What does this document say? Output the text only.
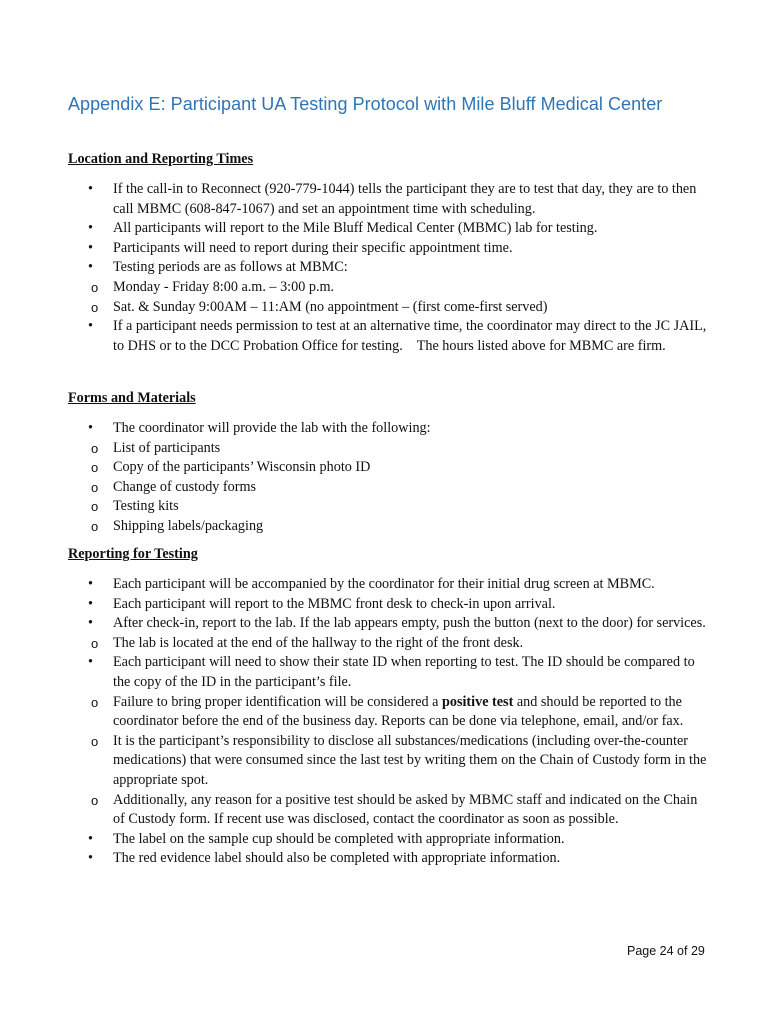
Appendix E: Participant UA Testing Protocol with Mile Bluff Medical Center

Location and Reporting Times

• If the call-in to Reconnect (920-779-1044) tells the participant they are to test that day, they are to then call MBMC (608-847-1067) and set an appointment time with scheduling.
• All participants will report to the Mile Bluff Medical Center (MBMC) lab for testing.
• Participants will need to report during their specific appointment time.
• Testing periods are as follows at MBMC:
o Monday - Friday 8:00 a.m. – 3:00 p.m.
o Sat. & Sunday 9:00AM – 11:AM (no appointment – (first come-first served)
• If a participant needs permission to test at an alternative time, the coordinator may direct to the JC JAIL, to DHS or to the DCC Probation Office for testing.    The hours listed above for MBMC are firm.

Forms and Materials

• The coordinator will provide the lab with the following:
o List of participants
o Copy of the participants’ Wisconsin photo ID
o Change of custody forms
o Testing kits
o Shipping labels/packaging

Reporting for Testing

• Each participant will be accompanied by the coordinator for their initial drug screen at MBMC.
• Each participant will report to the MBMC front desk to check-in upon arrival.
• After check-in, report to the lab. If the lab appears empty, push the button (next to the door) for services.
o The lab is located at the end of the hallway to the right of the front desk.
• Each participant will need to show their state ID when reporting to test. The ID should be compared to the copy of the ID in the participant’s file.
o Failure to bring proper identification will be considered a positive test and should be reported to the coordinator before the end of the business day. Reports can be done via telephone, email, and/or fax.
o It is the participant’s responsibility to disclose all substances/medications (including over-the-counter medications) that were consumed since the last test by writing them on the Chain of Custody form in the appropriate spot.
o Additionally, any reason for a positive test should be asked by MBMC staff and indicated on the Chain of Custody form. If recent use was disclosed, contact the coordinator as soon as possible.
• The label on the sample cup should be completed with appropriate information.
• The red evidence label should also be completed with appropriate information.
Page 24 of 29
